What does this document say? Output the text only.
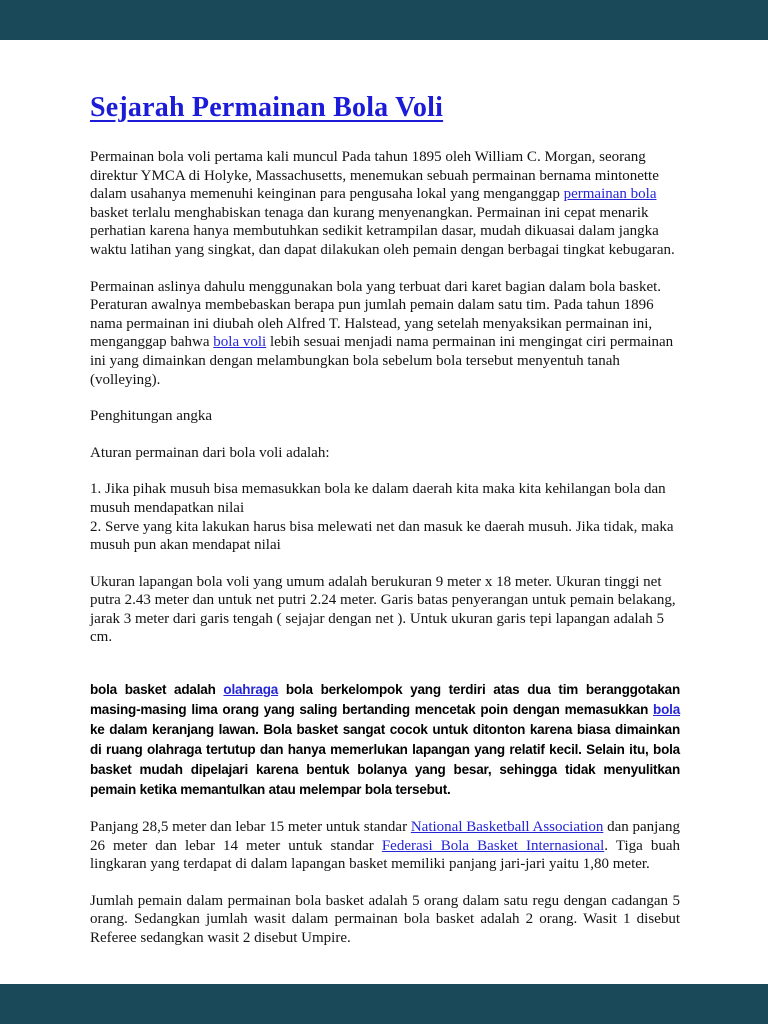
Sejarah Permainan Bola Voli

Permainan bola voli pertama kali muncul Pada tahun 1895 oleh William C. Morgan, seorang direktur YMCA di Holyke, Massachusetts, menemukan sebuah permainan bernama mintonette dalam usahanya memenuhi keinginan para pengusaha lokal yang menganggap permainan bola basket terlalu menghabiskan tenaga dan kurang menyenangkan. Permainan ini cepat menarik perhatian karena hanya membutuhkan sedikit ketrampilan dasar, mudah dikuasai dalam jangka waktu latihan yang singkat, dan dapat dilakukan oleh pemain dengan berbagai tingkat kebugaran.

Permainan aslinya dahulu menggunakan bola yang terbuat dari karet bagian dalam bola basket. Peraturan awalnya membebaskan berapa pun jumlah pemain dalam satu tim. Pada tahun 1896 nama permainan ini diubah oleh Alfred T. Halstead, yang setelah menyaksikan permainan ini, menganggap bahwa bola voli lebih sesuai menjadi nama permainan ini mengingat ciri permainan ini yang dimainkan dengan melambungkan bola sebelum bola tersebut menyentuh tanah (volleying).

Penghitungan angka

Aturan permainan dari bola voli adalah:

1. Jika pihak musuh bisa memasukkan bola ke dalam daerah kita maka kita kehilangan bola dan musuh mendapatkan nilai

2. Serve yang kita lakukan harus bisa melewati net dan masuk ke daerah musuh. Jika tidak, maka musuh pun akan mendapat nilai

Ukuran lapangan bola voli yang umum adalah berukuran 9 meter x 18 meter. Ukuran tinggi net putra 2.43 meter dan untuk net putri 2.24 meter. Garis batas penyerangan untuk pemain belakang, jarak 3 meter dari garis tengah ( sejajar dengan net ). Untuk ukuran garis tepi lapangan adalah 5 cm.

bola basket adalah olahraga bola berkelompok yang terdiri atas dua tim beranggotakan masing-masing lima orang yang saling bertanding mencetak poin dengan memasukkan bola ke dalam keranjang lawan. Bola basket sangat cocok untuk ditonton karena biasa dimainkan di ruang olahraga tertutup dan hanya memerlukan lapangan yang relatif kecil. Selain itu, bola basket mudah dipelajari karena bentuk bolanya yang besar, sehingga tidak menyulitkan pemain ketika memantulkan atau melempar bola tersebut.

Panjang 28,5 meter dan lebar 15 meter untuk standar National Basketball Association dan panjang 26 meter dan lebar 14 meter untuk standar Federasi Bola Basket Internasional. Tiga buah lingkaran yang terdapat di dalam lapangan basket memiliki panjang jari-jari yaitu 1,80 meter.

Jumlah pemain dalam permainan bola basket adalah 5 orang dalam satu regu dengan cadangan 5 orang. Sedangkan jumlah wasit dalam permainan bola basket adalah 2 orang. Wasit 1 disebut Referee sedangkan wasit 2 disebut Umpire.
